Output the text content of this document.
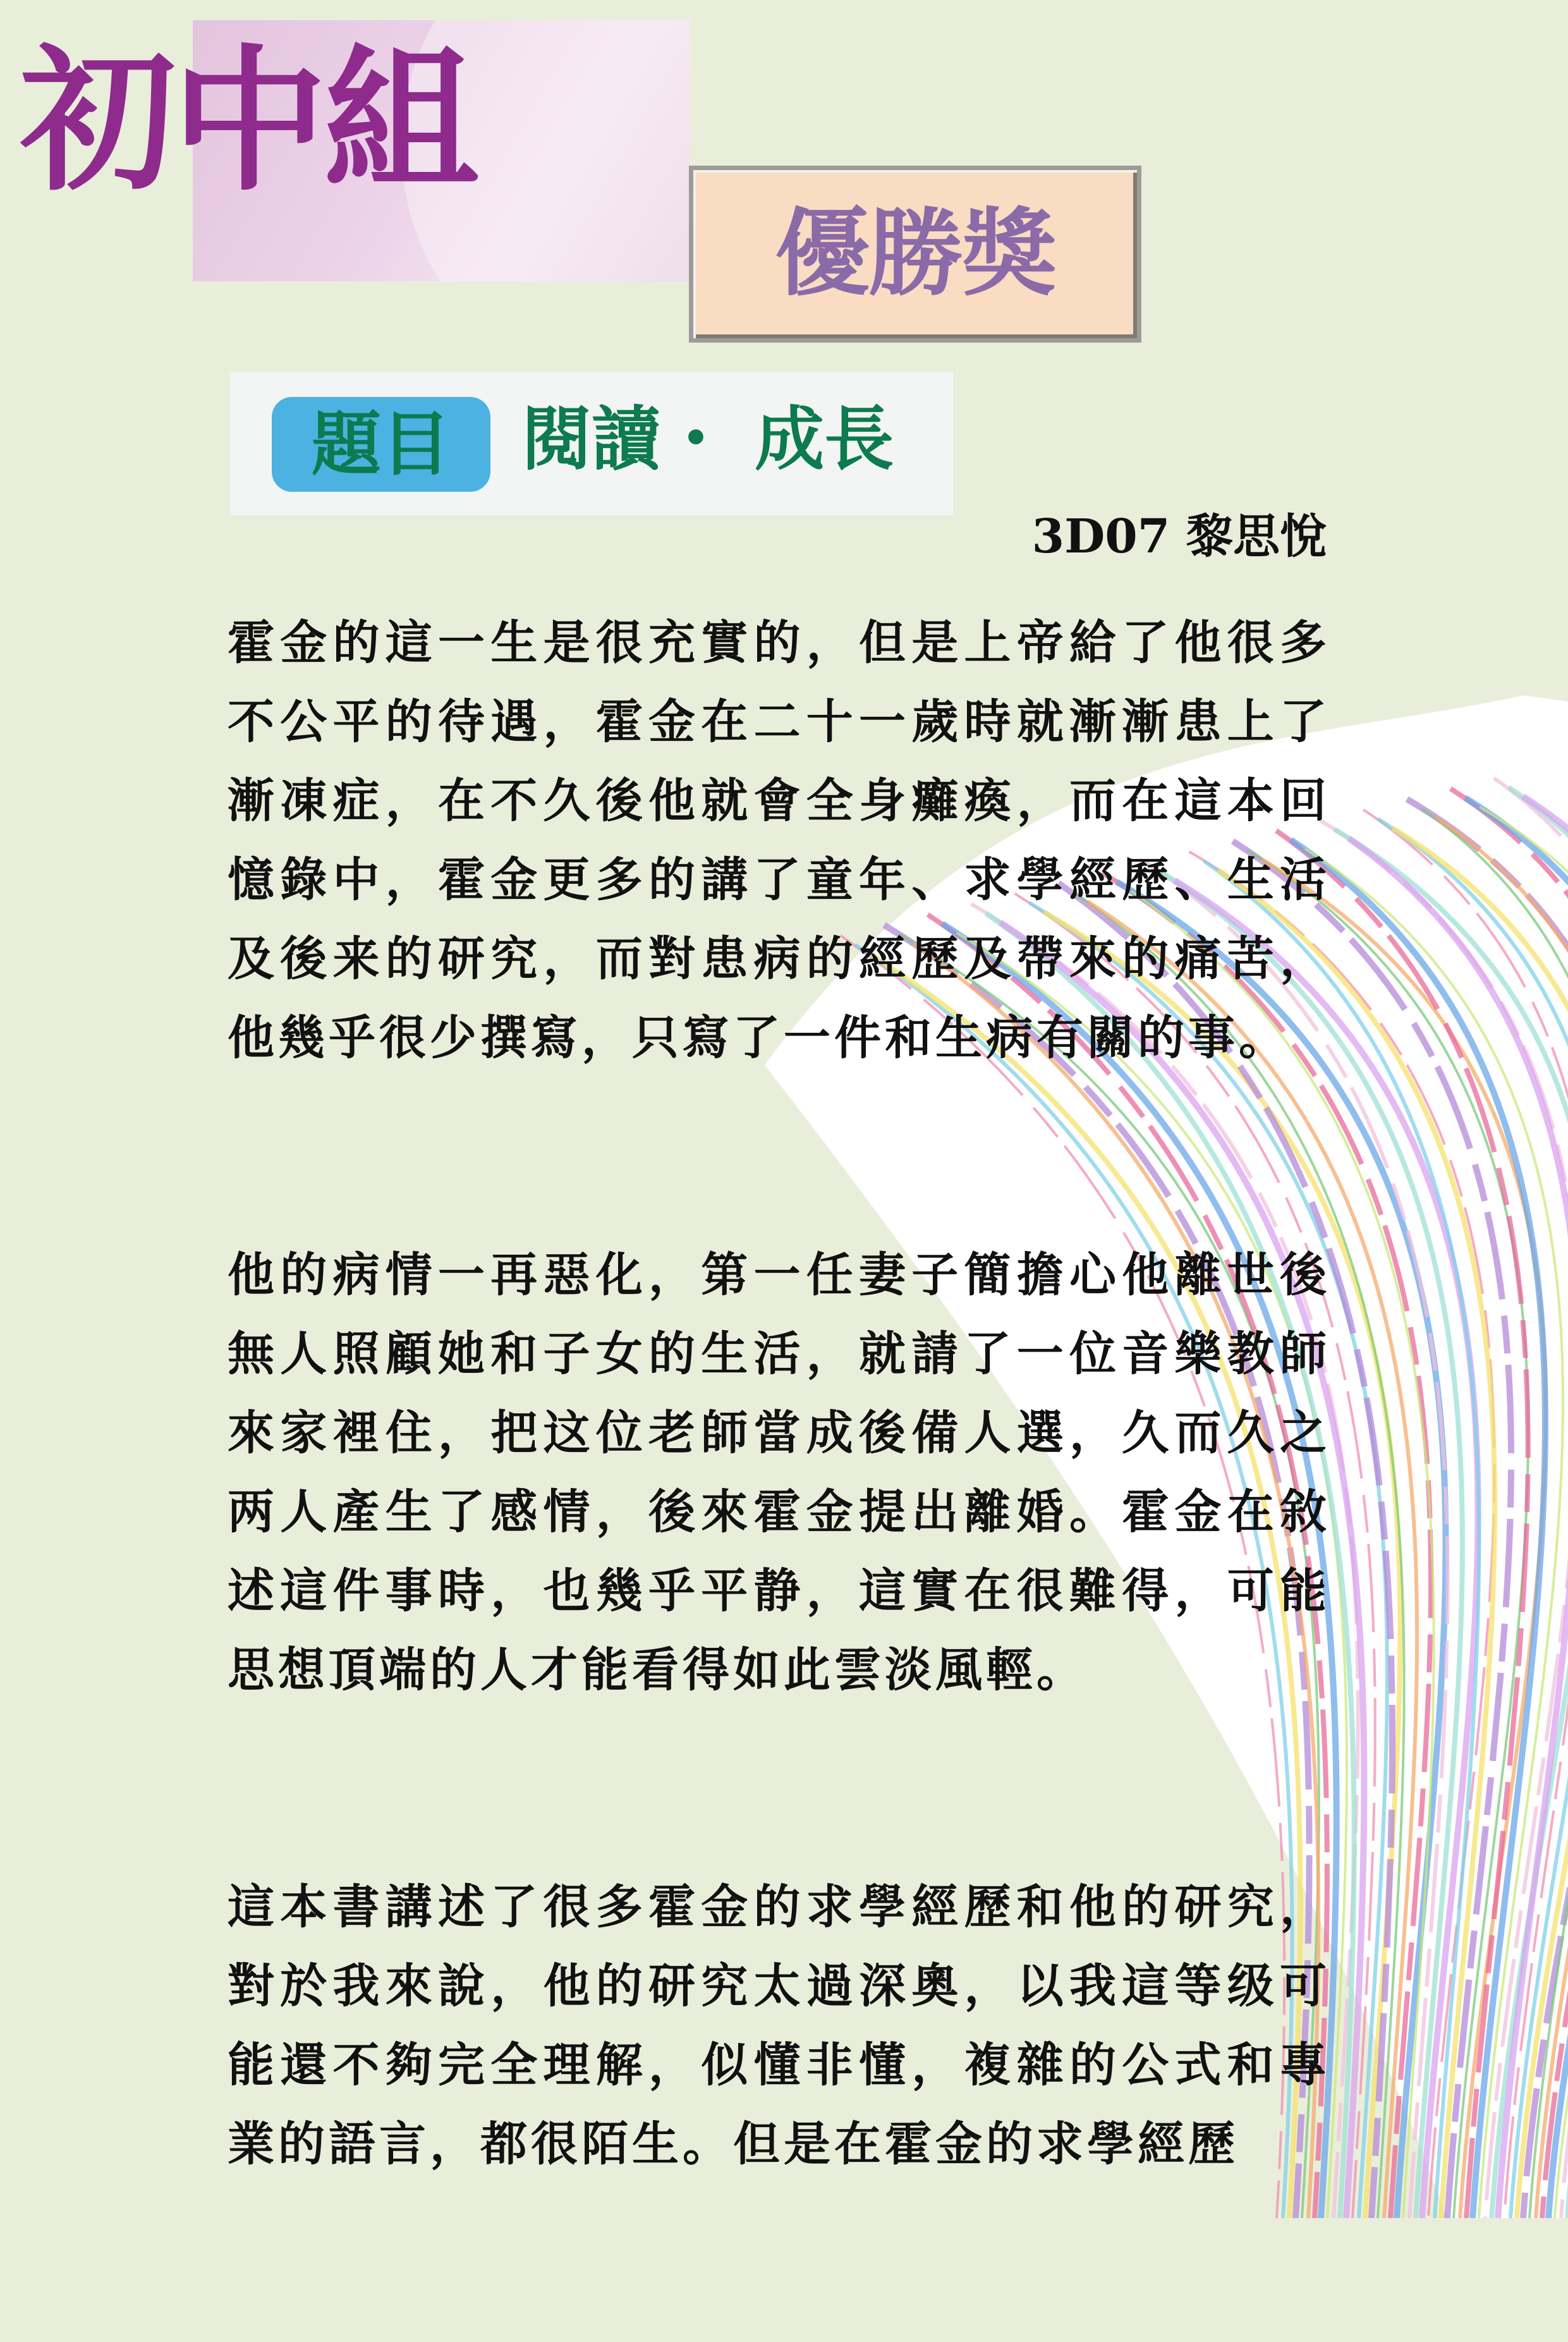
初中組
優勝獎
題目 閱讀・ 成長
3D07 黎思悅

霍金的這一生是很充實的，但是上帝給了他很多不公平的待遇，霍金在二十一歲時就漸漸患上了漸凍症，在不久後他就會全身癱瘓，而在這本回憶錄中，霍金更多的講了童年、求學經歷、生活及後来的研究，而對患病的經歷及帶來的痛苦，他幾乎很少撰寫，只寫了一件和生病有關的事。

他的病情一再惡化，第一任妻子簡擔心他離世後無人照顧她和子女的生活，就請了一位音樂教師來家裡住，把这位老師當成後備人選，久而久之两人產生了感情，後來霍金提出離婚。霍金在敘述這件事時，也幾乎平静，這實在很難得，可能思想頂端的人才能看得如此雲淡風輕。

這本書講述了很多霍金的求學經歷和他的研究，對於我來說，他的研究太過深奧，以我這等级可能還不夠完全理解，似懂非懂，複雜的公式和專業的語言，都很陌生。但是在霍金的求學經歷
